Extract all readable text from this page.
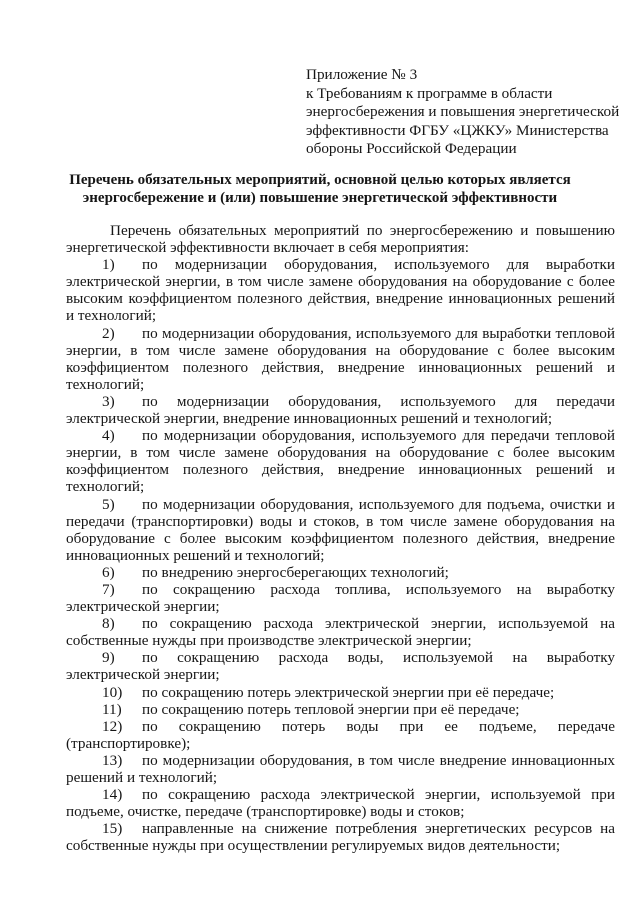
Приложение № 3
к Требованиям к программе в области
энергосбережения и повышения энергетической
эффективности ФГБУ «ЦЖКУ» Министерства
обороны Российской Федерации
Перечень обязательных мероприятий, основной целью которых является
энергосбережение и (или) повышение энергетической эффективности

Перечень обязательных мероприятий по энергосбережению и повышению энергетической эффективности включает в себя мероприятия:

1) по модернизации оборудования, используемого для выработки электрической энергии, в том числе замене оборудования на оборудование с более высоким коэффициентом полезного действия, внедрение инновационных решений и технологий;

2) по модернизации оборудования, используемого для выработки тепловой энергии, в том числе замене оборудования на оборудование с более высоким коэффициентом полезного действия, внедрение инновационных решений и технологий;

3) по модернизации оборудования, используемого для передачи электрической энергии, внедрение инновационных решений и технологий;

4) по модернизации оборудования, используемого для передачи тепловой энергии, в том числе замене оборудования на оборудование с более высоким коэффициентом полезного действия, внедрение инновационных решений и технологий;

5) по модернизации оборудования, используемого для подъема, очистки и передачи (транспортировки) воды и стоков, в том числе замене оборудования на оборудование с более высоким коэффициентом полезного действия, внедрение инновационных решений и технологий;

6) по внедрению энергосберегающих технологий;

7) по сокращению расхода топлива, используемого на выработку электрической энергии;

8) по сокращению расхода электрической энергии, используемой на собственные нужды при производстве электрической энергии;

9) по сокращению расхода воды, используемой на выработку электрической энергии;

10) по сокращению потерь электрической энергии при её передаче;

11) по сокращению потерь тепловой энергии при её передаче;

12) по сокращению потерь воды при ее подъеме, передаче (транспортировке);

13) по модернизации оборудования, в том числе внедрение инновационных решений и технологий;

14) по сокращению расхода электрической энергии, используемой при подъеме, очистке, передаче (транспортировке) воды и стоков;

15) направленные на снижение потребления энергетических ресурсов на собственные нужды при осуществлении регулируемых видов деятельности;
